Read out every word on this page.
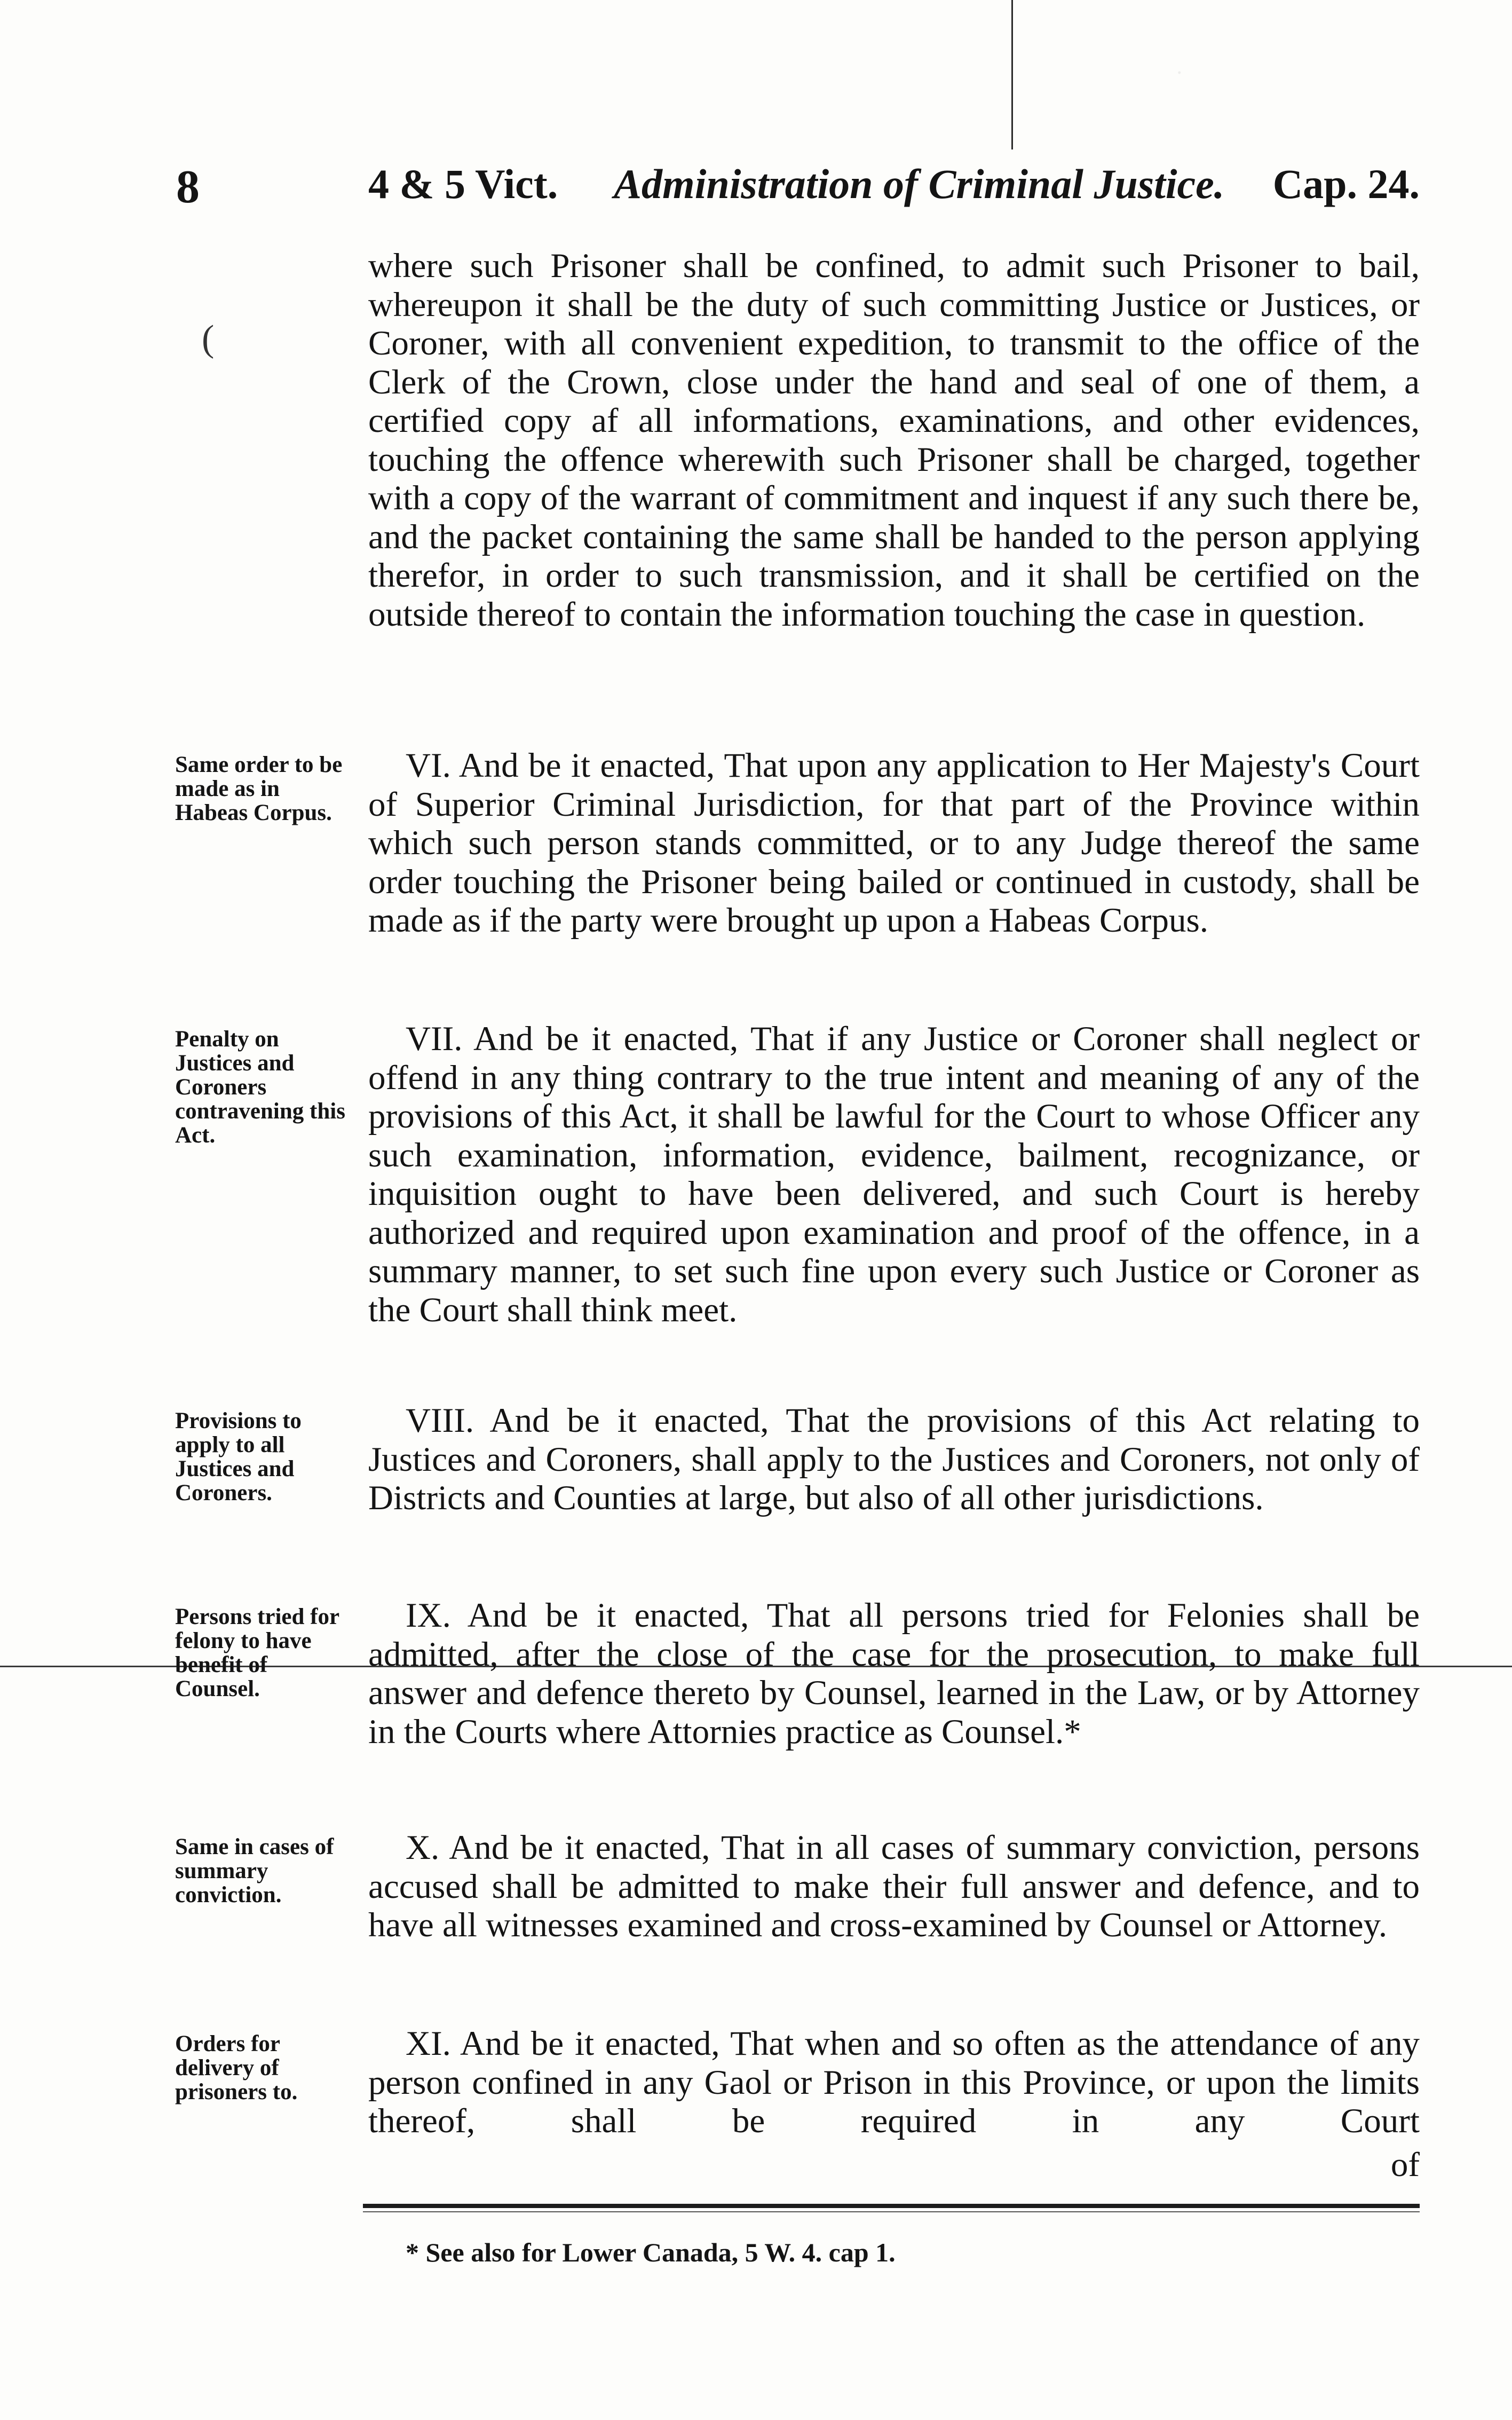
8	4 & 5 Vict. Administration of Criminal Justice. Cap. 24.
(

where such Prisoner shall be confined, to admit such Prisoner to bail, whereupon it shall be the duty of such committing Justice or Justices, or Coroner, with all convenient expedition, to transmit to the office of the Clerk of the Crown, close under the hand and seal of one of them, a certified copy af all informations, examinations, and other evidences, touching the offence wherewith such Prisoner shall be charged, together with a copy of the warrant of commitment and inquest if any such there be, and the packet containing the same shall be handed to the person applying therefor, in order to such transmission, and it shall be certified on the outside thereof to contain the information touching the case in question.

Same order to be made as in Habeas Corpus.

VI. And be it enacted, That upon any application to Her Majesty's Court of Superior Criminal Jurisdiction, for that part of the Province within which such person stands committed, or to any Judge thereof the same order touching the Prisoner being bailed or continued in custody, shall be made as if the party were brought up upon a Habeas Corpus.

Penalty on Justices and Coroners contravening this Act.

VII. And be it enacted, That if any Justice or Coroner shall neglect or offend in any thing contrary to the true intent and meaning of any of the provisions of this Act, it shall be lawful for the Court to whose Officer any such examination, information, evidence, bailment, recognizance, or inquisition ought to have been delivered, and such Court is hereby authorized and required upon examination and proof of the offence, in a summary manner, to set such fine upon every such Justice or Coroner as the Court shall think meet.

Provisions to apply to all Justices and Coroners.

VIII. And be it enacted, That the provisions of this Act relating to Justices and Coroners, shall apply to the Justices and Coroners, not only of Districts and Counties at large, but also of all other jurisdictions.

Persons tried for felony to have benefit of Counsel.

IX. And be it enacted, That all persons tried for Felonies shall be admitted, after the close of the case for the prosecution, to make full answer and defence thereto by Counsel, learned in the Law, or by Attorney in the Courts where Attornies practice as Counsel.*

Same in cases of summary conviction.

X. And be it enacted, That in all cases of summary conviction, persons accused shall be admitted to make their full answer and defence, and to have all witnesses examined and cross-examined by Counsel or Attorney.

Orders for delivery of prisoners to.

XI. And be it enacted, That when and so often as the attendance of any person confined in any Gaol or Prison in this Province, or upon the limits thereof, shall be required in any Court

of
* See also for Lower Canada, 5 W. 4. cap 1.
